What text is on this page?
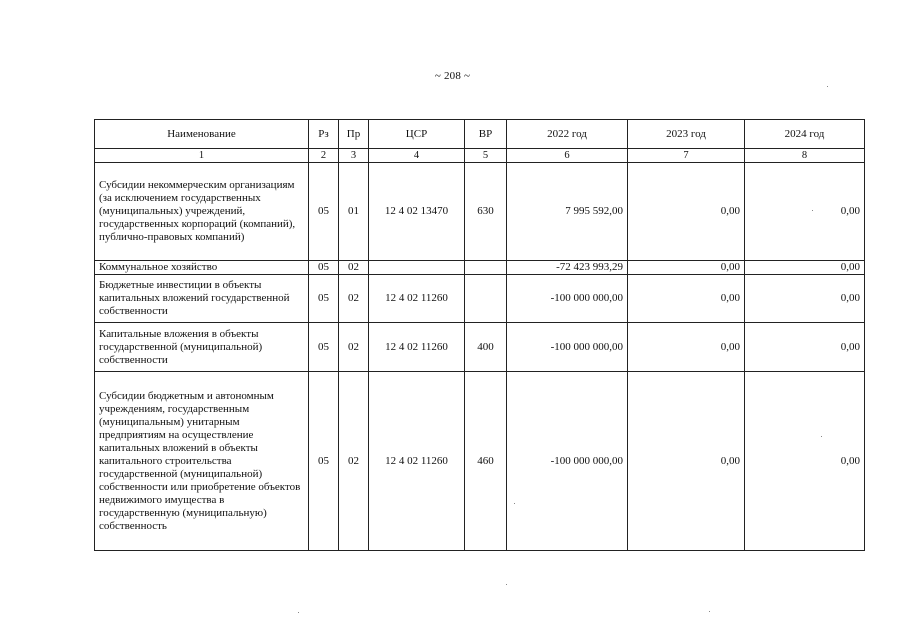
~ 208 ~
Наименование	Рз	Пр	ЦСР	ВР	2022 год	2023 год	2024 год
1	2	3	4	5	6	7	8
Субсидии некоммерческим организациям (за исключением государственных (муниципальных) учреждений, государственных корпораций (компаний), публично-правовых компаний)	05	01	12 4 02 13470	630	7 995 592,00	0,00	0,00
Коммунальное хозяйство	05	02			-72 423 993,29	0,00	0,00
Бюджетные инвестиции в объекты капитальных вложений государственной собственности	05	02	12 4 02 11260		-100 000 000,00	0,00	0,00
Капитальные вложения в объекты государственной (муниципальной) собственности	05	02	12 4 02 11260	400	-100 000 000,00	0,00	0,00
Субсидии бюджетным и автономным учреждениям, государственным (муниципальным) унитарным предприятиям на осуществление капитальных вложений в объекты капитального строительства государственной (муниципальной) собственности или приобретение объектов недвижимого имущества в государственную (муниципальную) собственность	05	02	12 4 02 11260	460	-100 000 000,00	0,00	0,00
